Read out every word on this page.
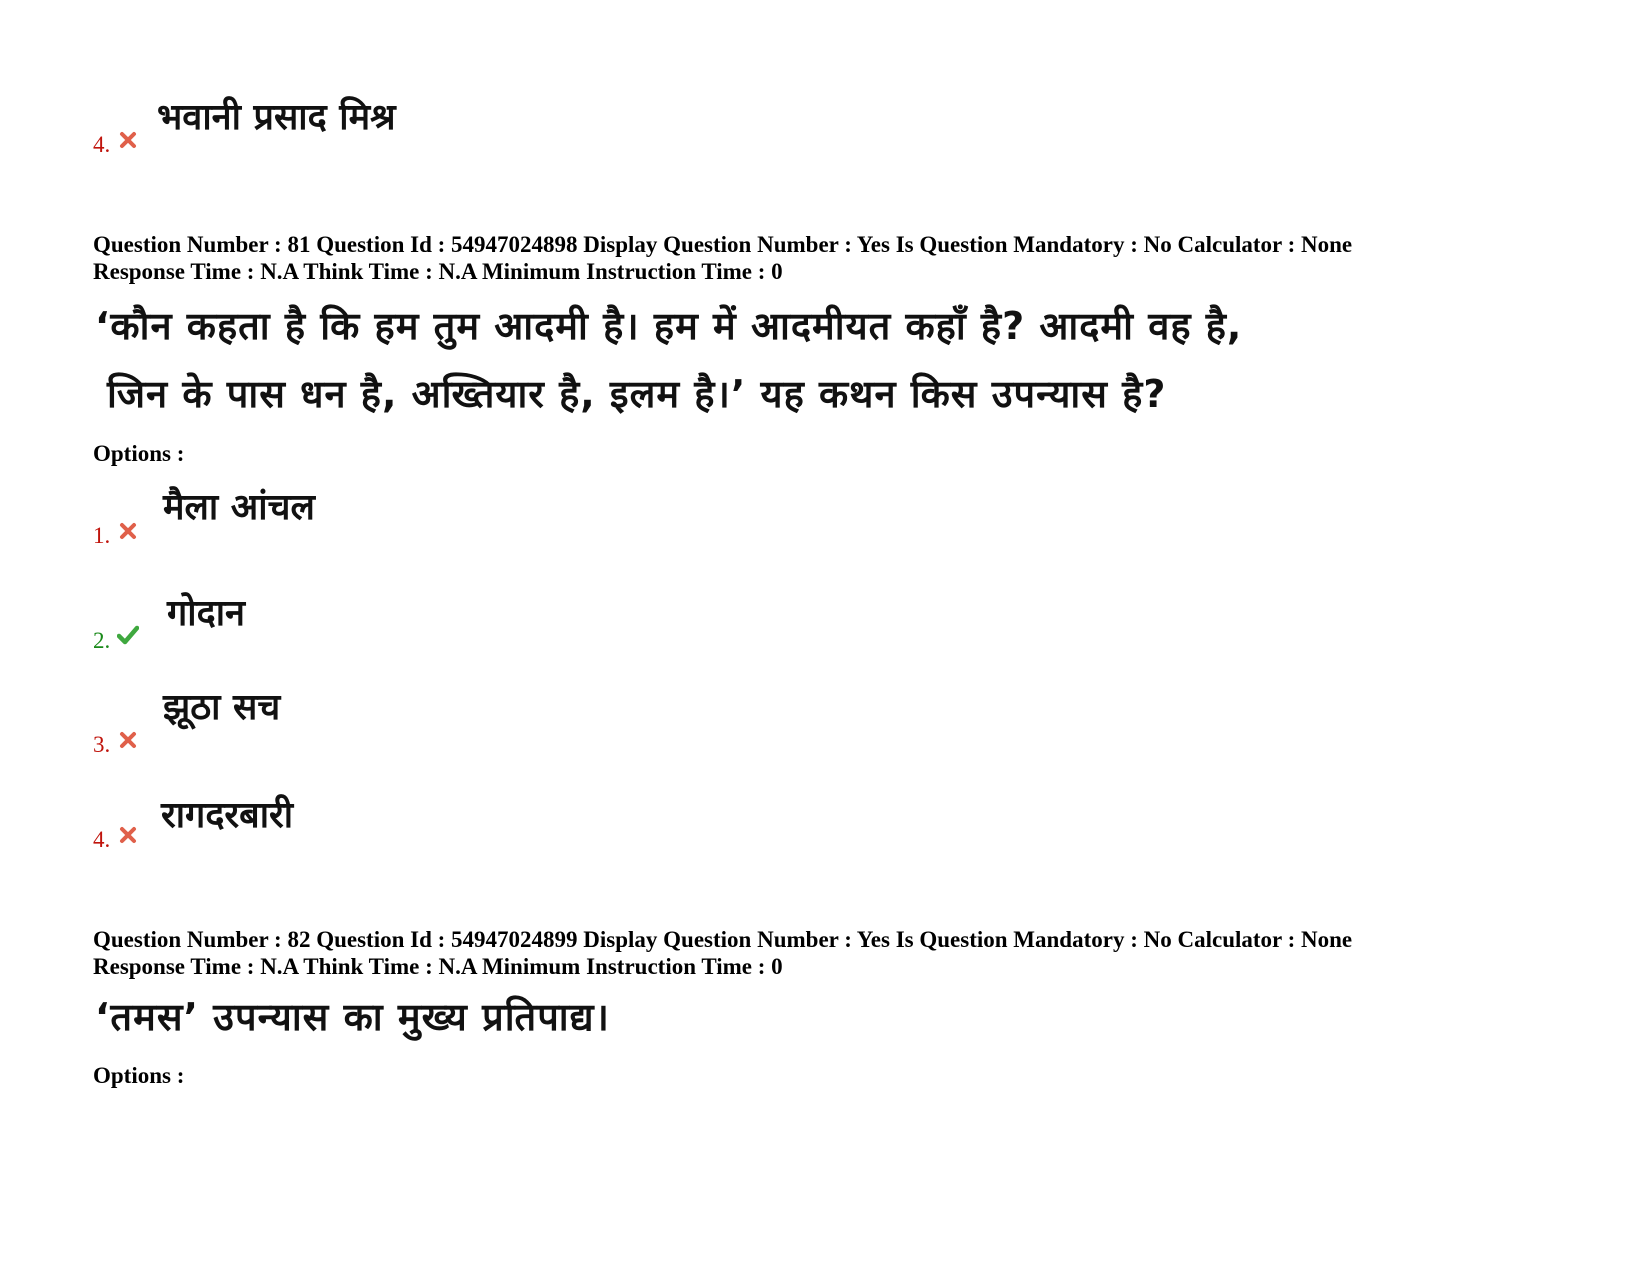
4.
भवानी प्रसाद मिश्र
Question Number : 81 Question Id : 54947024898 Display Question Number : Yes Is Question Mandatory : No Calculator : None
Response Time : N.A Think Time : N.A Minimum Instruction Time : 0
‘कौन कहता है कि हम तुम आदमी है। हम में आदमीयत कहाँ है? आदमी वह है,
जिन के पास धन है, अख्तियार है, इलम है।’ यह कथन किस उपन्यास है?
Options :
1.
मैला आंचल
2.
गोदान
3.
झूठा सच
4.
रागदरबारी
Question Number : 82 Question Id : 54947024899 Display Question Number : Yes Is Question Mandatory : No Calculator : None
Response Time : N.A Think Time : N.A Minimum Instruction Time : 0
‘तमस’ उपन्यास का मुख्य प्रतिपाद्य।
Options :
